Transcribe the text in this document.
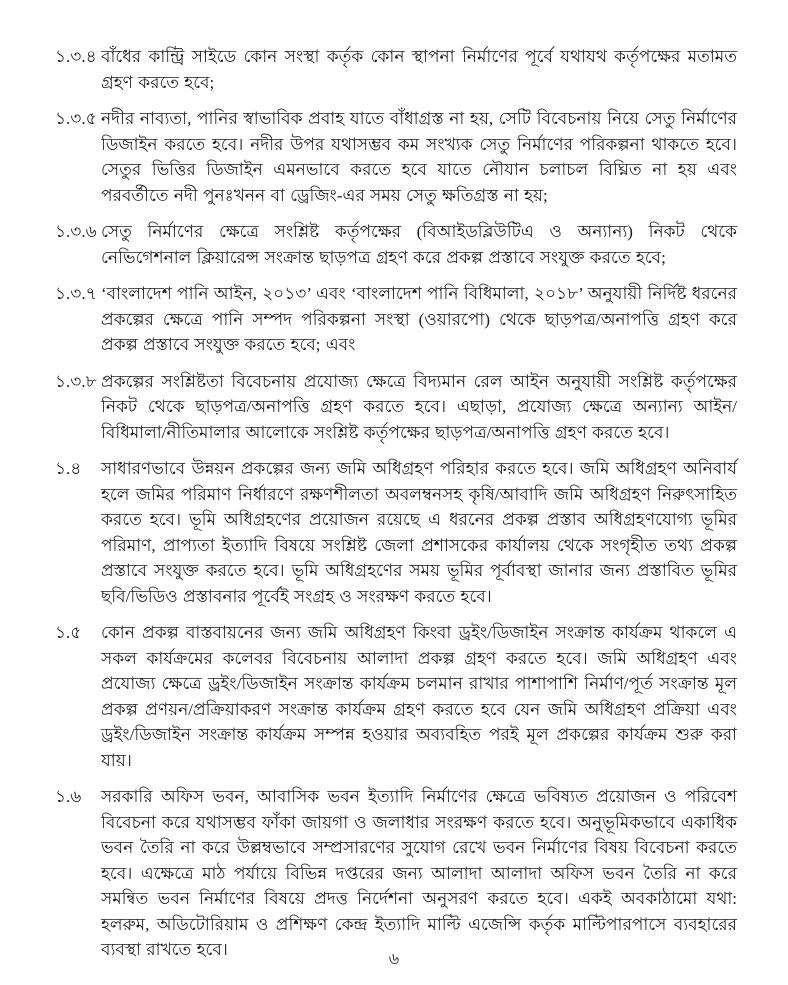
১.৩.৪ বাঁধের কান্ট্রি সাইডে কোন সংস্থা কর্তৃক কোন স্থাপনা নির্মাণের পূর্বে যথাযথ কর্তৃপক্ষের মতামত গ্রহণ করতে হবে;
১.৩.৫ নদীর নাব্যতা, পানির স্বাভাবিক প্রবাহ যাতে বাঁধাগ্রস্ত না হয়, সেটি বিবেচনায় নিয়ে সেতু নির্মাণের ডিজাইন করতে হবে। নদীর উপর যথাসম্ভব কম সংখ্যক সেতু নির্মাণের পরিকল্পনা থাকতে হবে। সেতুর ভিত্তির ডিজাইন এমনভাবে করতে হবে যাতে নৌযান চলাচল বিঘ্নিত না হয় এবং পরবর্তীতে নদী পুনঃখনন বা ড্রেজিং-এর সময় সেতু ক্ষতিগ্রস্ত না হয়;
১.৩.৬ সেতু নির্মাণের ক্ষেত্রে সংশ্লিষ্ট কর্তৃপক্ষের (বিআইডব্লিউটিএ ও অন্যান্য) নিকট থেকে নেভিগেশনাল ক্লিয়ারেন্স সংক্রান্ত ছাড়পত্র গ্রহণ করে প্রকল্প প্রস্তাবে সংযুক্ত করতে হবে;
১.৩.৭ ‘বাংলাদেশ পানি আইন, ২০১৩’ এবং ‘বাংলাদেশ পানি বিধিমালা, ২০১৮’ অনুযায়ী নির্দিষ্ট ধরনের প্রকল্পের ক্ষেত্রে পানি সম্পদ পরিকল্পনা সংস্থা (ওয়ারপো) থেকে ছাড়পত্র/অনাপত্তি গ্রহণ করে প্রকল্প প্রস্তাবে সংযুক্ত করতে হবে; এবং
১.৩.৮ প্রকল্পের সংশ্লিষ্টতা বিবেচনায় প্রযোজ্য ক্ষেত্রে বিদ্যমান রেল আইন অনুযায়ী সংশ্লিষ্ট কর্তৃপক্ষের নিকট থেকে ছাড়পত্র/অনাপত্তি গ্রহণ করতে হবে। এছাড়া, প্রযোজ্য ক্ষেত্রে অন্যান্য আইন/বিধিমালা/নীতিমালার আলোকে সংশ্লিষ্ট কর্তৃপক্ষের ছাড়পত্র/অনাপত্তি গ্রহণ করতে হবে।
১.৪	সাধারণভাবে উন্নয়ন প্রকল্পের জন্য জমি অধিগ্রহণ পরিহার করতে হবে। জমি অধিগ্রহণ অনিবার্য হলে জমির পরিমাণ নির্ধারণে রক্ষণশীলতা অবলম্বনসহ কৃষি/আবাদি জমি অধিগ্রহণ নিরুৎসাহিত করতে হবে। ভূমি অধিগ্রহণের প্রয়োজন রয়েছে এ ধরনের প্রকল্প প্রস্তাব অধিগ্রহণযোগ্য ভূমির পরিমাণ, প্রাপ্যতা ইত্যাদি বিষয়ে সংশ্লিষ্ট জেলা প্রশাসকের কার্যালয় থেকে সংগৃহীত তথ্য প্রকল্প প্রস্তাবে সংযুক্ত করতে হবে। ভূমি অধিগ্রহণের সময় ভূমির পূর্বাবস্থা জানার জন্য প্রস্তাবিত ভূমির ছবি/ভিডিও প্রস্তাবনার পূর্বেই সংগ্রহ ও সংরক্ষণ করতে হবে।
১.৫	কোন প্রকল্প বাস্তবায়নের জন্য জমি অধিগ্রহণ কিংবা ড্রইং/ডিজাইন সংক্রান্ত কার্যক্রম থাকলে এ সকল কার্যক্রমের কলেবর বিবেচনায় আলাদা প্রকল্প গ্রহণ করতে হবে। জমি অধিগ্রহণ এবং প্রযোজ্য ক্ষেত্রে ড্রইং/ডিজাইন সংক্রান্ত কার্যক্রম চলমান রাখার পাশাপাশি নির্মাণ/পূর্ত সংক্রান্ত মূল প্রকল্প প্রণয়ন/প্রক্রিয়াকরণ সংক্রান্ত কার্যক্রম গ্রহণ করতে হবে যেন জমি অধিগ্রহণ প্রক্রিয়া এবং ড্রইং/ডিজাইন সংক্রান্ত কার্যক্রম সম্পন্ন হওয়ার অব্যবহিত পরই মূল প্রকল্পের কার্যক্রম শুরু করা যায়।
১.৬	সরকারি অফিস ভবন, আবাসিক ভবন ইত্যাদি নির্মাণের ক্ষেত্রে ভবিষ্যত প্রয়োজন ও পরিবেশ বিবেচনা করে যথাসম্ভব ফাঁকা জায়গা ও জলাধার সংরক্ষণ করতে হবে। অনুভূমিকভাবে একাধিক ভবন তৈরি না করে উল্লম্বভাবে সম্প্রসারণের সুযোগ রেখে ভবন নির্মাণের বিষয় বিবেচনা করতে হবে। এক্ষেত্রে মাঠ পর্যায়ে বিভিন্ন দপ্তরের জন্য আলাদা আলাদা অফিস ভবন তৈরি না করে সমন্বিত ভবন নির্মাণের বিষয়ে প্রদত্ত নির্দেশনা অনুসরণ করতে হবে। একই অবকাঠামো যথা: হলরুম, অডিটোরিয়াম ও প্রশিক্ষণ কেন্দ্র ইত্যাদি মাল্টি এজেন্সি কর্তৃক মাল্টিপারপাসে ব্যবহারের ব্যবস্থা রাখতে হবে।
৬
